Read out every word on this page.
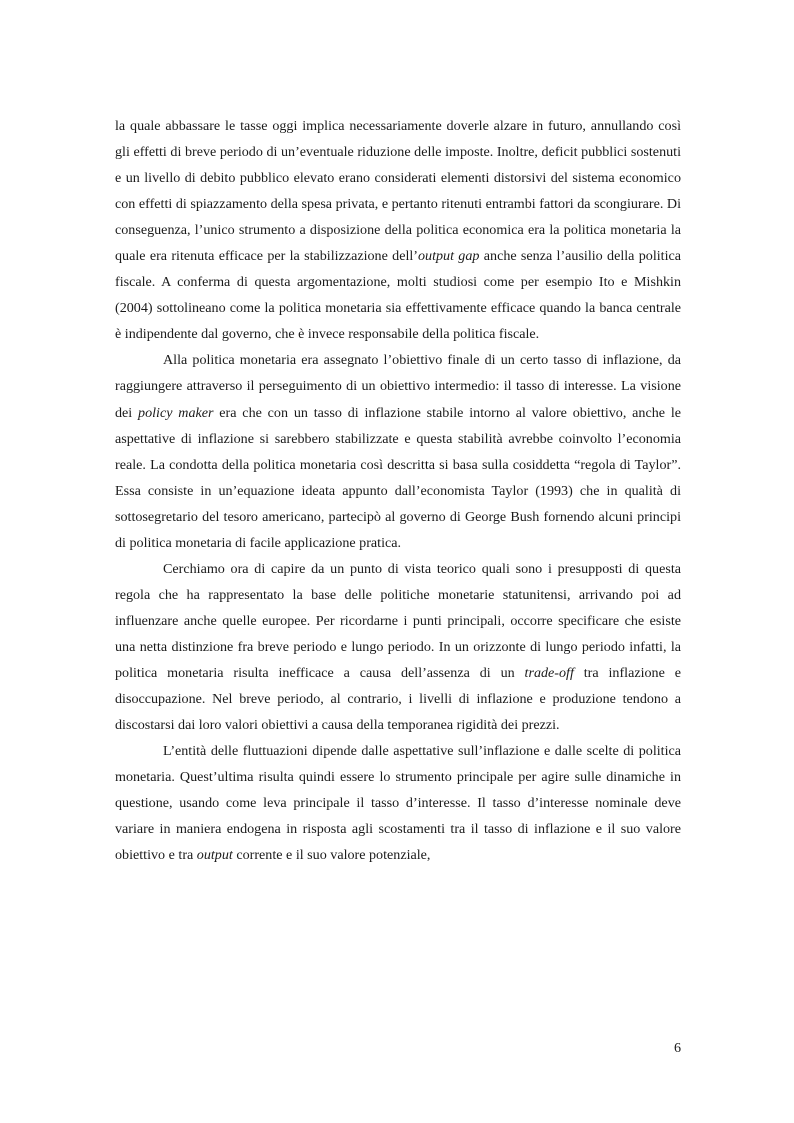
la quale abbassare le tasse oggi implica necessariamente doverle alzare in futuro, annullando così gli effetti di breve periodo di un’eventuale riduzione delle imposte. Inoltre, deficit pubblici sostenuti e un livello di debito pubblico elevato erano considerati elementi distorsivi del sistema economico con effetti di spiazzamento della spesa privata, e pertanto ritenuti entrambi fattori da scongiurare. Di conseguenza, l’unico strumento a disposizione della politica economica era la politica monetaria la quale era ritenuta efficace per la stabilizzazione dell’output gap anche senza l’ausilio della politica fiscale. A conferma di questa argomentazione, molti studiosi come per esempio Ito e Mishkin (2004) sottolineano come la politica monetaria sia effettivamente efficace quando la banca centrale è indipendente dal governo, che è invece responsabile della politica fiscale.

Alla politica monetaria era assegnato l’obiettivo finale di un certo tasso di inflazione, da raggiungere attraverso il perseguimento di un obiettivo intermedio: il tasso di interesse. La visione dei policy maker era che con un tasso di inflazione stabile intorno al valore obiettivo, anche le aspettative di inflazione si sarebbero stabilizzate e questa stabilità avrebbe coinvolto l’economia reale. La condotta della politica monetaria così descritta si basa sulla cosiddetta “regola di Taylor”. Essa consiste in un’equazione ideata appunto dall’economista Taylor (1993) che in qualità di sottosegretario del tesoro americano, partecipò al governo di George Bush fornendo alcuni principi di politica monetaria di facile applicazione pratica.

Cerchiamo ora di capire da un punto di vista teorico quali sono i presupposti di questa regola che ha rappresentato la base delle politiche monetarie statunitensi, arrivando poi ad influenzare anche quelle europee. Per ricordarne i punti principali, occorre specificare che esiste una netta distinzione fra breve periodo e lungo periodo. In un orizzonte di lungo periodo infatti, la politica monetaria risulta inefficace a causa dell’assenza di un trade-off tra inflazione e disoccupazione. Nel breve periodo, al contrario, i livelli di inflazione e produzione tendono a discostarsi dai loro valori obiettivi a causa della temporanea rigidità dei prezzi.

L’entità delle fluttuazioni dipende dalle aspettative sull’inflazione e dalle scelte di politica monetaria. Quest’ultima risulta quindi essere lo strumento principale per agire sulle dinamiche in questione, usando come leva principale il tasso d’interesse. Il tasso d’interesse nominale deve variare in maniera endogena in risposta agli scostamenti tra il tasso di inflazione e il suo valore obiettivo e tra output corrente e il suo valore potenziale,

6
